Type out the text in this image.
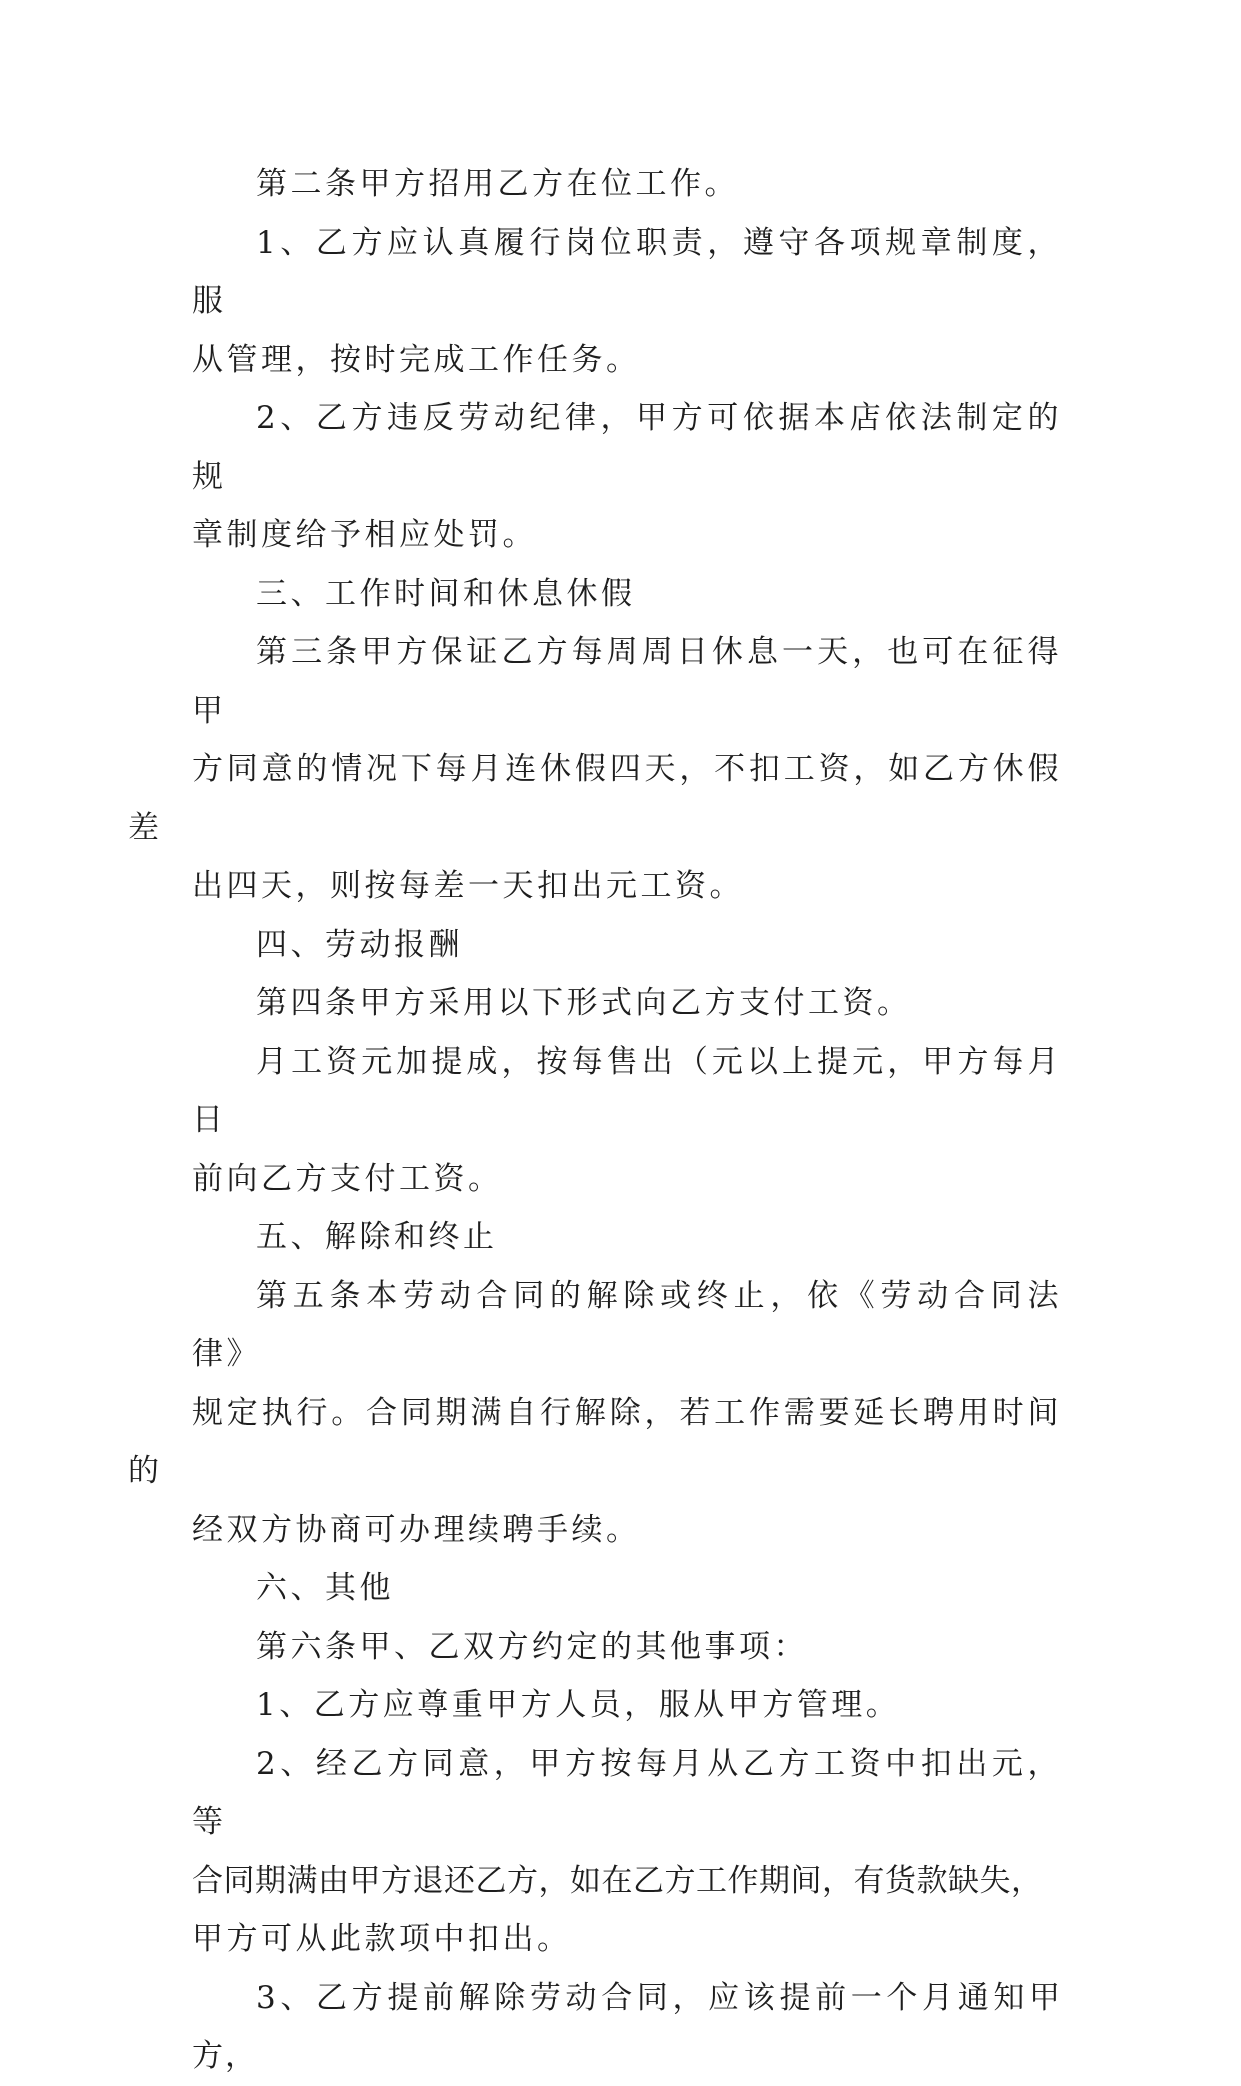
第二条甲方招用乙方在位工作。

1、乙方应认真履行岗位职责，遵守各项规章制度，服
从管理，按时完成工作任务。

2、乙方违反劳动纪律，甲方可依据本店依法制定的规
章制度给予相应处罚。

三、工作时间和休息休假

第三条甲方保证乙方每周周日休息一天，也可在征得甲
方同意的情况下每月连休假四天，不扣工资，如乙方休假差
出四天，则按每差一天扣出元工资。

四、劳动报酬

第四条甲方采用以下形式向乙方支付工资。

月工资元加提成，按每售出（元以上提元，甲方每月日
前向乙方支付工资。

五、解除和终止

第五条本劳动合同的解除或终止，依《劳动合同法律》
规定执行。合同期满自行解除，若工作需要延长聘用时间的
经双方协商可办理续聘手续。

六、其他

第六条甲、乙双方约定的其他事项：

1、乙方应尊重甲方人员，服从甲方管理。

2、经乙方同意，甲方按每月从乙方工资中扣出元，等
合同期满由甲方退还乙方，如在乙方工作期间，有货款缺失，
甲方可从此款项中扣出。

3、乙方提前解除劳动合同，应该提前一个月通知甲方，
